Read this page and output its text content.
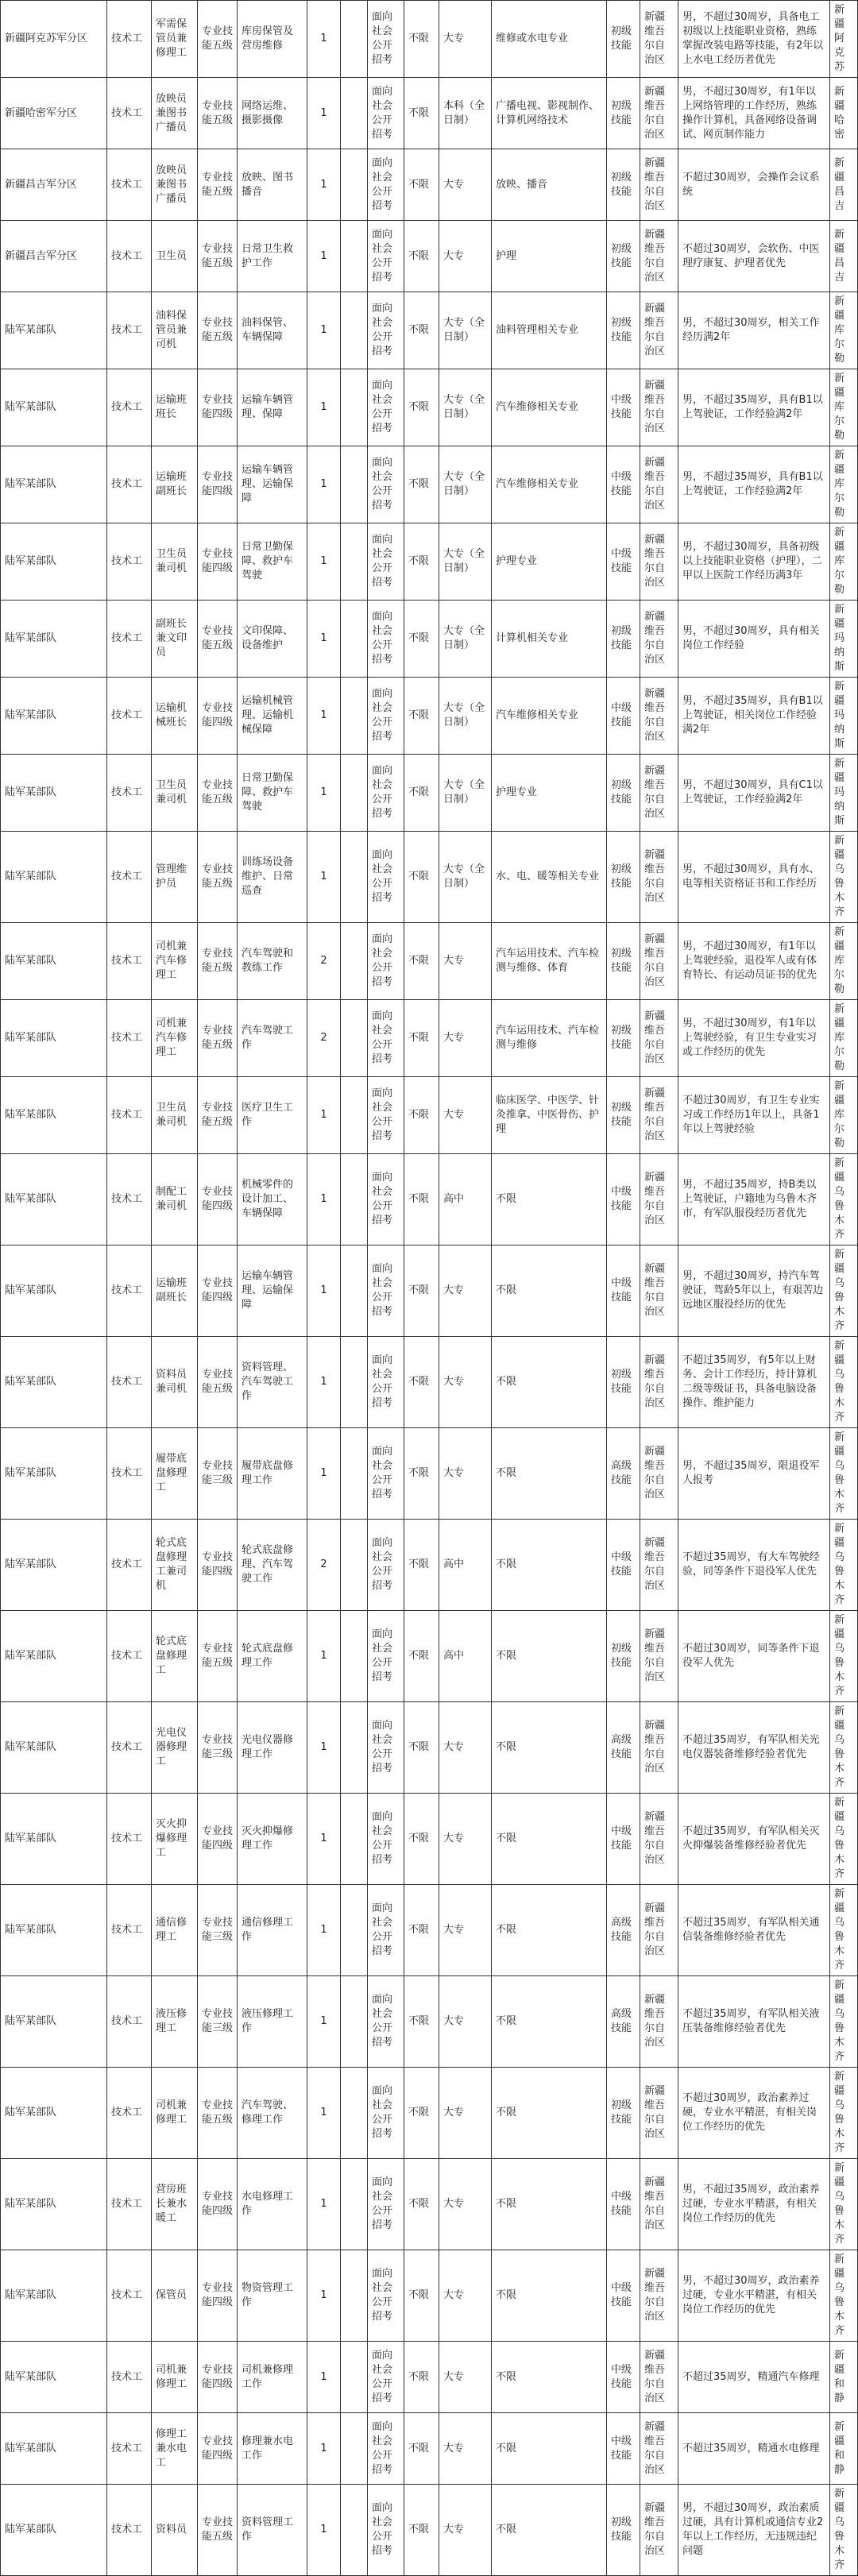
新疆阿克苏军分区	技术工	军需保管员兼修理工	专业技能五级	库房保管及营房维修	1		面向社会公开招考	不限	大专	维修或水电专业	初级技能	新疆维吾尔自治区	男，不超过30周岁，具备电工初级以上技能职业资格，熟练掌握改装电路等技能，有2年以上水电工经历者优先	新疆阿克苏
新疆哈密军分区	技术工	放映员兼图书广播员	专业技能五级	网络运维、摄影摄像	1		面向社会公开招考	不限	本科（全日制）	广播电视、影视制作、计算机网络技术	初级技能	新疆维吾尔自治区	男，不超过30周岁，有1年以上网络管理的工作经历，熟练操作计算机，具备网络设备调试、网页制作能力	新疆哈密
新疆昌吉军分区	技术工	放映员兼图书广播员	专业技能五级	放映、图书播音	1		面向社会公开招考	不限	大专	放映、播音	初级技能	新疆维吾尔自治区	不超过30周岁，会操作会议系统	新疆昌吉
新疆昌吉军分区	技术工	卫生员	专业技能五级	日常卫生救护工作	1		面向社会公开招考	不限	大专	护理	初级技能	新疆维吾尔自治区	不超过30周岁，会软伤、中医理疗康复、护理者优先	新疆昌吉
陆军某部队	技术工	油料保管员兼司机	专业技能五级	油料保管、车辆保障	1		面向社会公开招考	不限	大专（全日制）	油料管理相关专业	初级技能	新疆维吾尔自治区	男，不超过30周岁，相关工作经历满2年	新疆库尔勒
陆军某部队	技术工	运输班班长	专业技能四级	运输车辆管理、保障	1		面向社会公开招考	不限	大专（全日制）	汽车维修相关专业	中级技能	新疆维吾尔自治区	男，不超过35周岁，具有B1以上驾驶证，工作经验满2年	新疆库尔勒
陆军某部队	技术工	运输班副班长	专业技能四级	运输车辆管理、运输保障	1		面向社会公开招考	不限	大专（全日制）	汽车维修相关专业	中级技能	新疆维吾尔自治区	男，不超过35周岁，具有B1以上驾驶证，工作经验满2年	新疆库尔勒
陆军某部队	技术工	卫生员兼司机	专业技能四级	日常卫勤保障、救护车驾驶	1		面向社会公开招考	不限	大专（全日制）	护理专业	中级技能	新疆维吾尔自治区	男，不超过30周岁，具备初级以上技能职业资格（护理），二甲以上医院工作经历满3年	新疆库尔勒
陆军某部队	技术工	副班长兼文印员	专业技能五级	文印保障、设备维护	1		面向社会公开招考	不限	大专（全日制）	计算机相关专业	初级技能	新疆维吾尔自治区	男，不超过30周岁，具有相关岗位工作经验	新疆玛纳斯
陆军某部队	技术工	运输机械班长	专业技能四级	运输机械管理、运输机械保障	1		面向社会公开招考	不限	大专（全日制）	汽车维修相关专业	中级技能	新疆维吾尔自治区	男，不超过35周岁，具有B1以上驾驶证，相关岗位工作经验满2年	新疆玛纳斯
陆军某部队	技术工	卫生员兼司机	专业技能五级	日常卫勤保障、救护车驾驶	1		面向社会公开招考	不限	大专（全日制）	护理专业	初级技能	新疆维吾尔自治区	男，不超过30周岁，具有C1以上驾驶证，工作经验满2年	新疆玛纳斯
陆军某部队	技术工	管理维护员	专业技能五级	训练场设备维护、日常巡查	1		面向社会公开招考	不限	大专（全日制）	水、电、暖等相关专业	初级技能	新疆维吾尔自治区	男，不超过30周岁，具有水、电等相关资格证书和工作经历	新疆乌鲁木齐
陆军某部队	技术工	司机兼汽车修理工	专业技能五级	汽车驾驶和教练工作	2		面向社会公开招考	不限	大专	汽车运用技术、汽车检测与维修、体育	初级技能	新疆维吾尔自治区	男，不超过30周岁，有1年以上驾驶经验，退役军人或有体育特长、有运动员证书的优先	新疆库尔勒
陆军某部队	技术工	司机兼汽车修理工	专业技能五级	汽车驾驶工作	2		面向社会公开招考	不限	大专	汽车运用技术、汽车检测与维修	初级技能	新疆维吾尔自治区	男，不超过30周岁，有1年以上驾驶经验，有卫生专业实习或工作经历的优先	新疆库尔勒
陆军某部队	技术工	卫生员兼司机	专业技能五级	医疗卫生工作	1		面向社会公开招考	不限	大专	临床医学、中医学、针灸推拿、中医骨伤、护理	初级技能	新疆维吾尔自治区	不超过30周岁，有卫生专业实习或工作经历1年以上，具备1年以上驾驶经验	新疆库尔勒
陆军某部队	技术工	制配工兼司机	专业技能四级	机械零件的设计加工、车辆保障	1		面向社会公开招考	不限	高中	不限	中级技能	新疆维吾尔自治区	男，不超过35周岁，持B类以上驾驶证，户籍地为乌鲁木齐市，有军队服役经历者优先	新疆乌鲁木齐
陆军某部队	技术工	运输班副班长	专业技能四级	运输车辆管理、运输保障	1		面向社会公开招考	不限	大专	不限	中级技能	新疆维吾尔自治区	男，不超过30周岁，持汽车驾驶证，驾龄5年以上，有艰苦边远地区服役经历的优先	新疆乌鲁木齐
陆军某部队	技术工	资料员兼司机	专业技能五级	资料管理、汽车驾驶工作	1		面向社会公开招考	不限	大专	不限	初级技能	新疆维吾尔自治区	不超过35周岁，有5年以上财务、会计工作经历，持计算机二级等级证书，具备电脑设备操作、维护能力	新疆乌鲁木齐
陆军某部队	技术工	履带底盘修理工	专业技能三级	履带底盘修理工作	1		面向社会公开招考	不限	大专	不限	高级技能	新疆维吾尔自治区	男，不超过35周岁，限退役军人报考	新疆乌鲁木齐
陆军某部队	技术工	轮式底盘修理工兼司机	专业技能四级	轮式底盘修理、汽车驾驶工作	2		面向社会公开招考	不限	高中	不限	中级技能	新疆维吾尔自治区	不超过35周岁，有大车驾驶经验，同等条件下退役军人优先	新疆乌鲁木齐
陆军某部队	技术工	轮式底盘修理工	专业技能五级	轮式底盘修理工作	1		面向社会公开招考	不限	高中	不限	初级技能	新疆维吾尔自治区	不超过30周岁，同等条件下退役军人优先	新疆乌鲁木齐
陆军某部队	技术工	光电仪器修理工	专业技能三级	光电仪器修理工作	1		面向社会公开招考	不限	大专	不限	高级技能	新疆维吾尔自治区	不超过35周岁，有军队相关光电仪器装备维修经验者优先	新疆乌鲁木齐
陆军某部队	技术工	灭火抑爆修理工	专业技能四级	灭火抑爆修理工作	1		面向社会公开招考	不限	大专	不限	中级技能	新疆维吾尔自治区	不超过35周岁，有军队相关灭火抑爆装备维修经验者优先	新疆乌鲁木齐
陆军某部队	技术工	通信修理工	专业技能三级	通信修理工作	1		面向社会公开招考	不限	大专	不限	高级技能	新疆维吾尔自治区	不超过35周岁，有军队相关通信装备维修经验者优先	新疆乌鲁木齐
陆军某部队	技术工	液压修理工	专业技能三级	液压修理工作	1		面向社会公开招考	不限	大专	不限	高级技能	新疆维吾尔自治区	不超过35周岁，有军队相关液压装备维修经验者优先	新疆乌鲁木齐
陆军某部队	技术工	司机兼修理工	专业技能五级	汽车驾驶、修理工作	1		面向社会公开招考	不限	大专	不限	初级技能	新疆维吾尔自治区	不超过30周岁，政治素养过硬，专业水平精湛，有相关岗位工作经历的优先	新疆乌鲁木齐
陆军某部队	技术工	营房班长兼水暖工	专业技能四级	水电修理工作	1		面向社会公开招考	不限	大专	不限	中级技能	新疆维吾尔自治区	男，不超过35周岁，政治素养过硬，专业水平精湛，有相关岗位工作经历的优先	新疆乌鲁木齐
陆军某部队	技术工	保管员	专业技能四级	物资管理工作	1		面向社会公开招考	不限	大专	不限	中级技能	新疆维吾尔自治区	男，不超过30周岁，政治素养过硬，专业水平精湛，有相关岗位工作经历的优先	新疆乌鲁木齐
陆军某部队	技术工	司机兼修理工	专业技能四级	司机兼修理工作	1		面向社会公开招考	不限	大专	不限	中级技能	新疆维吾尔自治区	不超过35周岁，精通汽车修理	新疆和静
陆军某部队	技术工	修理工兼水电工	专业技能四级	修理兼水电工作	1		面向社会公开招考	不限	大专	不限	中级技能	新疆维吾尔自治区	不超过35周岁，精通水电修理	新疆和静
陆军某部队	技术工	资料员	专业技能五级	资料管理工作	1		面向社会公开招考	不限	大专	不限	初级技能	新疆维吾尔自治区	男，不超过30周岁，政治素质过硬，具有计算机或通信专业2年以上工作经历，无违规违纪问题	新疆乌鲁木齐
